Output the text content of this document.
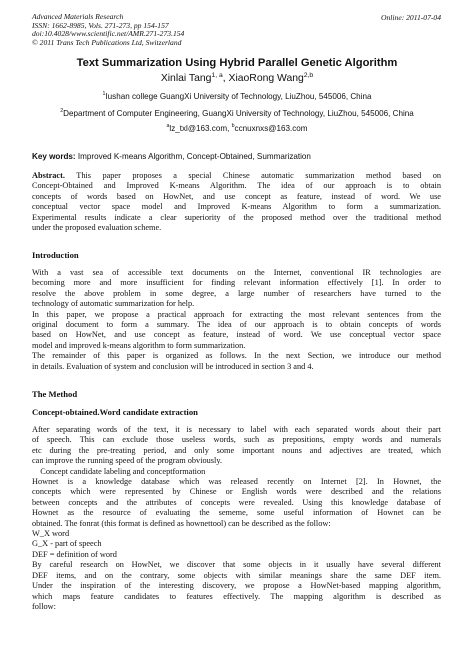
Advanced Materials Research
ISSN: 1662-8985, Vols. 271-273, pp 154-157
doi:10.4028/www.scientific.net/AMR.271-273.154
© 2011 Trans Tech Publications Ltd, Switzerland
Online: 2011-07-04
Text Summarization Using Hybrid Parallel Genetic Algorithm
Xinlai Tang$^{1, a}$, XiaoRong Wang$^{2,b}$
$^1$Iushan college GuangXi University of Technology, LiuZhou, 545006, China
$^2$Department of Computer Engineering, GuangXi University of Technology, LiuZhou, 545006, China
$^a$lz_txl@163.com, $^b$ccnuxnxs@163.com
Key words: Improved K-means Algorithm, Concept-Obtained, Summarization
Abstract. This paper proposes a special Chinese automatic summarization method based on
Concept-Obtained and Improved K-means Algorithm. The idea of our approach is to obtain
concepts of words based on HowNet, and use concept as feature, instead of word. We use
conceptual vector space model and Improved K-means Algorithm to form a summarization.
Experimental results indicate a clear superiority of the proposed method over the traditional method
under the proposed evaluation scheme.
Introduction
With a vast sea of accessible text documents on the Internet, conventional IR technologies are
becoming more and more insufficient for finding relevant information effectively [1]. In order to
resolve the above problem in some degree, a large number of researchers have turned to the
technology of automatic summarization for help.
In this paper, we propose a practical approach for extracting the most relevant sentences from the
original document to form a summary. The idea of our approach is to obtain concepts of words
based on HowNet, and use concept as feature, instead of word. We use conceptual vector space
model and improved k-means algorithm to form summarization.
The remainder of this paper is organized as follows. In the next Section, we introduce our method
in details. Evaluation of system and conclusion will be introduced in section 3 and 4.
The Method
Concept-obtained.Word candidate extraction
After separating words of the text, it is necessary to label with each separated words about their part
of speech. This can exclude those useless words, such as prepositions, empty words and numerals
etc during the pre-treating period, and only some important nouns and adjectives are treated, which
can improve the running speed of the program obviously.
Concept candidate labeling and conceptformation
Hownet is a knowledge database which was released recently on Internet [2]. In Hownet, the
concepts which were represented by Chinese or English words were described and the relations
between concepts and the attributes of concepts were revealed. Using this knowledge database of
Hownet as the resource of evaluating the sememe, some useful information of Hownet can be
obtained. The fonrat (this format is defined as hownettool) can be described as the follow:
W_X word
G_X - part of speech
DEF = definition of word
By careful research on HowNet, we discover that some objects in it usually have several different
DEF items, and on the contrary, some objects with similar meanings share the same DEF item.
Under the inspiration of the interesting discovery, we propose a HowNet-based mapping algorithm,
which maps feature candidates to features effectively. The mapping algorithm is described as
follow:
